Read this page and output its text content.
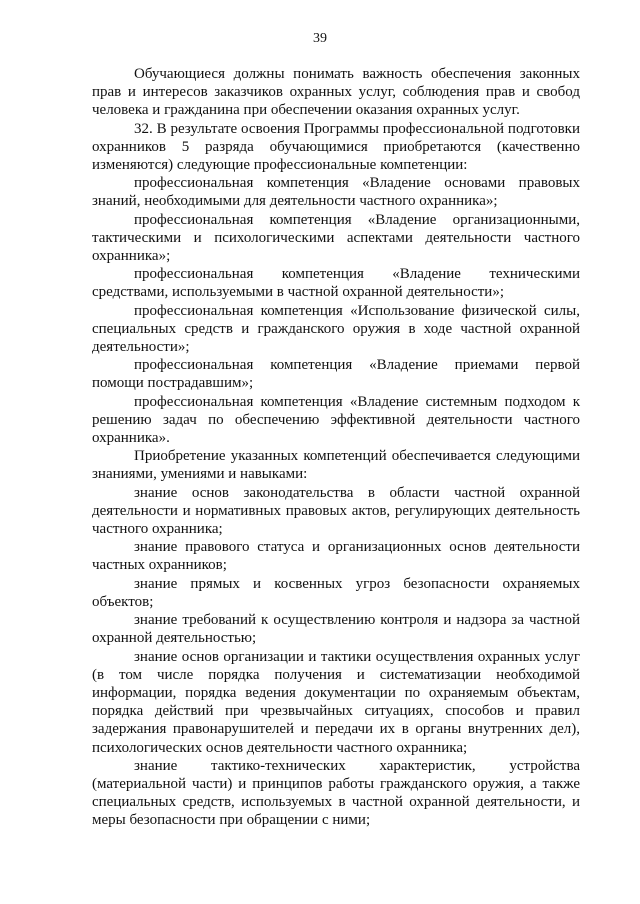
39

Обучающиеся должны понимать важность обеспечения законных прав и интересов заказчиков охранных услуг, соблюдения прав и свобод человека и гражданина при обеспечении оказания охранных услуг.

32. В результате освоения Программы профессиональной подготовки охранников 5 разряда обучающимися приобретаются (качественно изменяются) следующие профессиональные компетенции:

профессиональная компетенция «Владение основами правовых знаний, необходимыми для деятельности частного охранника»;

профессиональная компетенция «Владение организационными, тактическими и психологическими аспектами деятельности частного охранника»;

профессиональная компетенция «Владение техническими средствами, используемыми в частной охранной деятельности»;

профессиональная компетенция «Использование физической силы, специальных средств и гражданского оружия в ходе частной охранной деятельности»;

профессиональная компетенция «Владение приемами первой помощи пострадавшим»;

профессиональная компетенция «Владение системным подходом к решению задач по обеспечению эффективной деятельности частного охранника».

Приобретение указанных компетенций обеспечивается следующими знаниями, умениями и навыками:

знание основ законодательства в области частной охранной деятельности и нормативных правовых актов, регулирующих деятельность частного охранника;

знание правового статуса и организационных основ деятельности частных охранников;

знание прямых и косвенных угроз безопасности охраняемых объектов;

знание требований к осуществлению контроля и надзора за частной охранной деятельностью;

знание основ организации и тактики осуществления охранных услуг (в том числе порядка получения и систематизации необходимой информации, порядка ведения документации по охраняемым объектам, порядка действий при чрезвычайных ситуациях, способов и правил задержания правонарушителей и передачи их в органы внутренних дел), психологических основ деятельности частного охранника;

знание тактико-технических характеристик, устройства (материальной части) и принципов работы гражданского оружия, а также специальных средств, используемых в частной охранной деятельности, и меры безопасности при обращении с ними;
